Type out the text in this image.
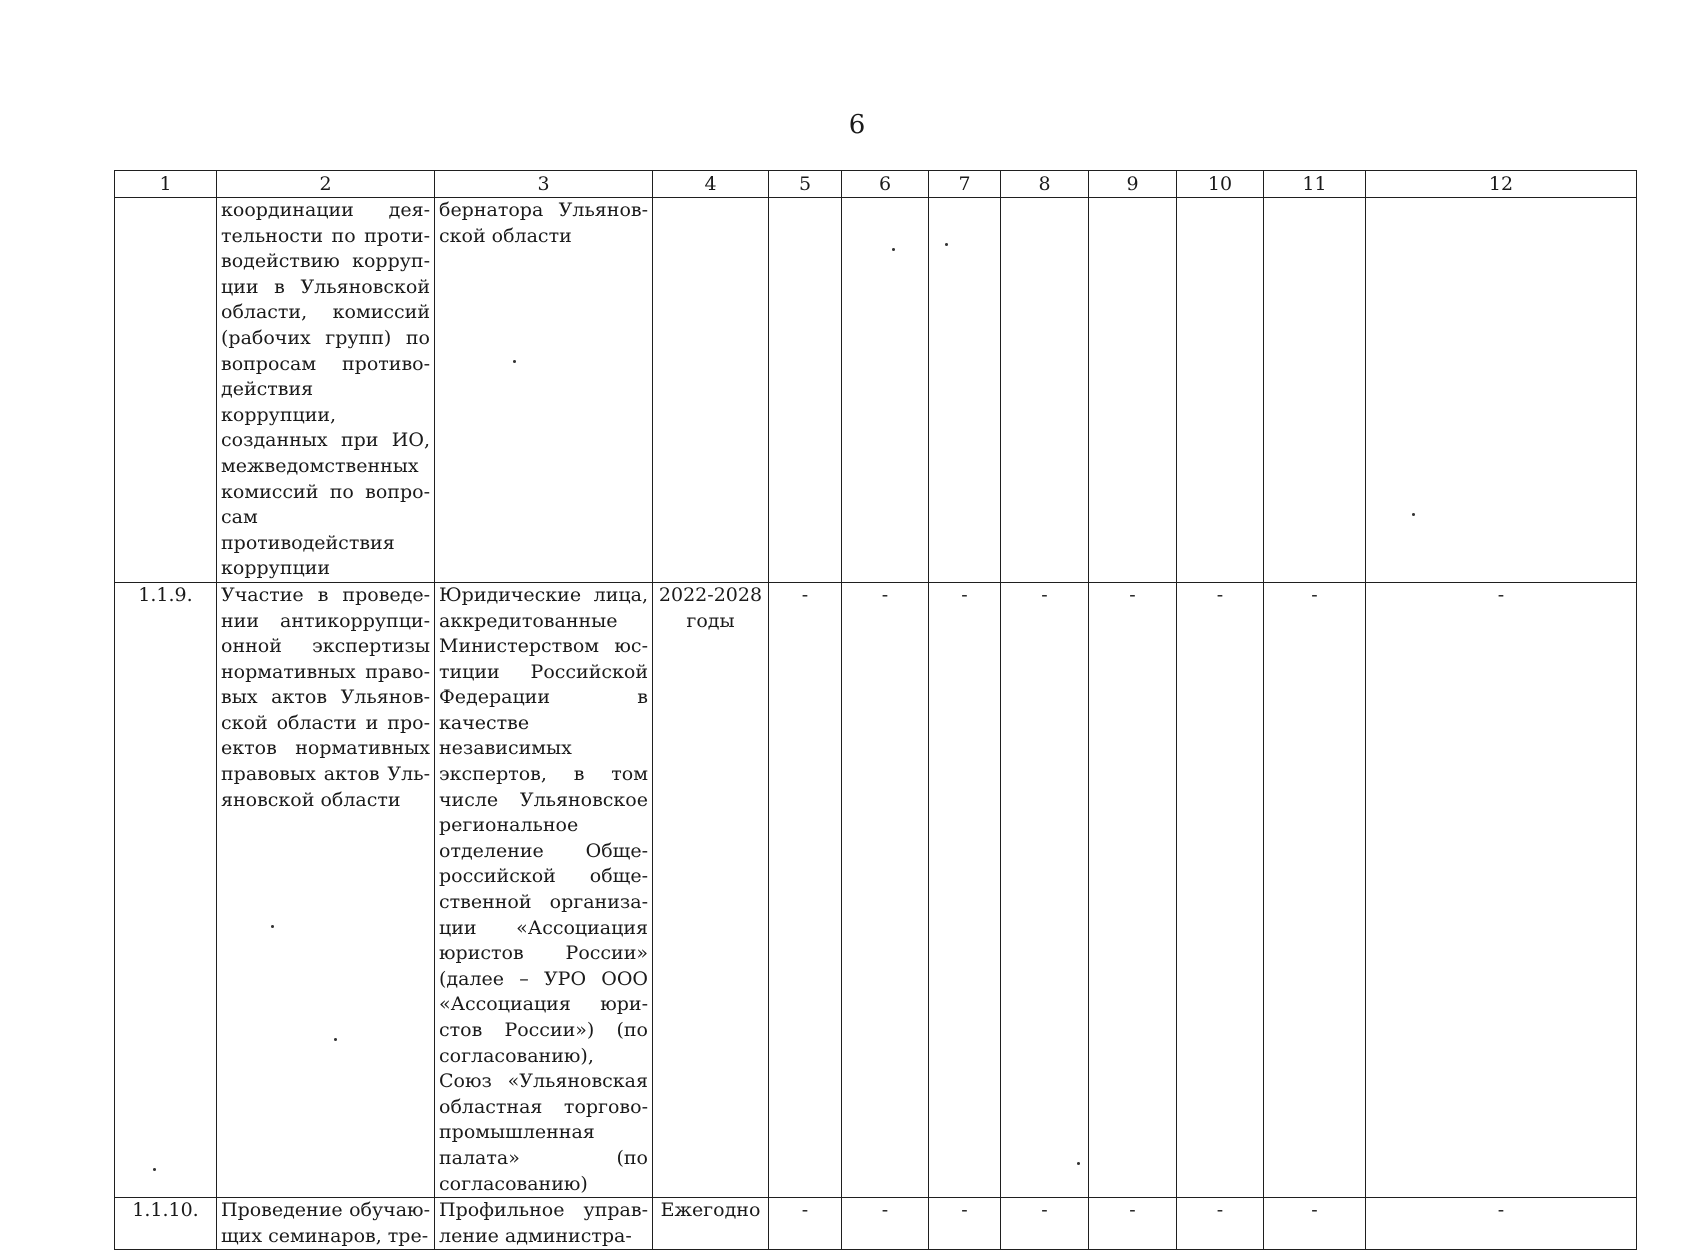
6
1	2	3	4	5	6	7	8	9	10	11	12
	координации деятельности по противодействию коррупции в Ульяновской области, комиссий (рабочих групп) по вопросам противодействия коррупции, созданных при ИО, межведомственных комиссий по вопросам противодействия коррупции	бернатора Ульяновской области									
1.1.9.	Участие в проведении антикоррупционной экспертизы нормативных правовых актов Ульяновской области и проектов нормативных правовых актов Ульяновской области	Юридические лица, аккредитованные Министерством юстиции Российской Федерации в качестве независимых экспертов, в том числе Ульяновское региональное отделение Общероссийской общественной организации «Ассоциация юристов России» (далее – УРО ООО «Ассоциация юристов России») (по согласованию), Союз «Ульяновская областная торгово-промышленная палата» (по согласованию)	2022-2028 годы	-	-	-	-	-	-	-	-
1.1.10.	Проведение обучающих семинаров, тре-	Профильное управление администра-	Ежегодно	-	-	-	-	-	-	-	-
